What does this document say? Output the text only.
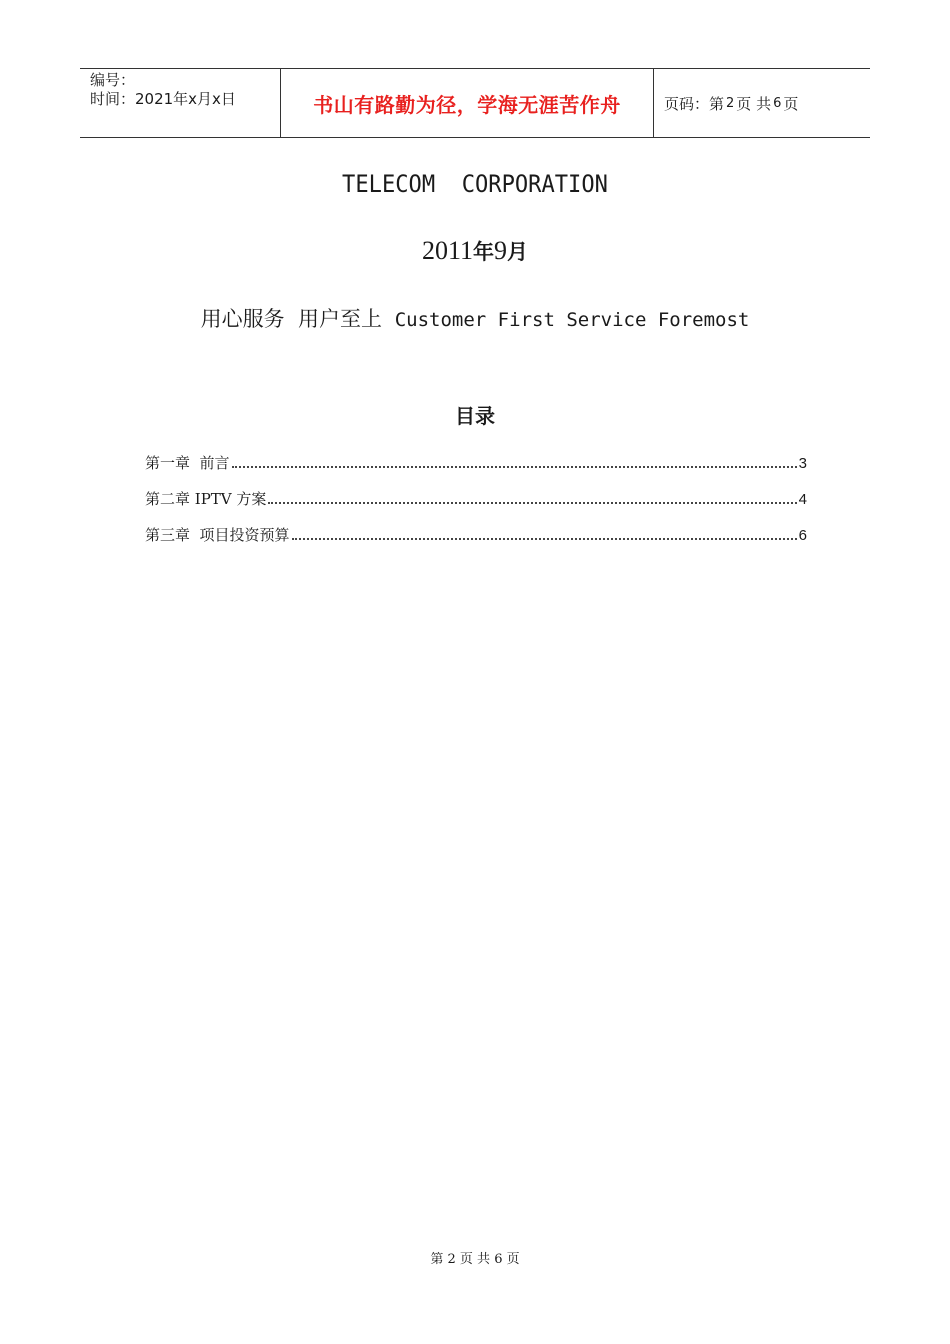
编号：
时间：2021年x月x日	书山有路勤为径，学海无涯苦作舟	页码：第 2 页 共 6 页
TELECOM  CORPORATION
2011年9月
用心服务  用户至上 Customer First Service Foremost
目录
第一章  前言	3
第二章 IPTV 方案	4
第三章  项目投资预算	6
第 2 页 共 6 页
